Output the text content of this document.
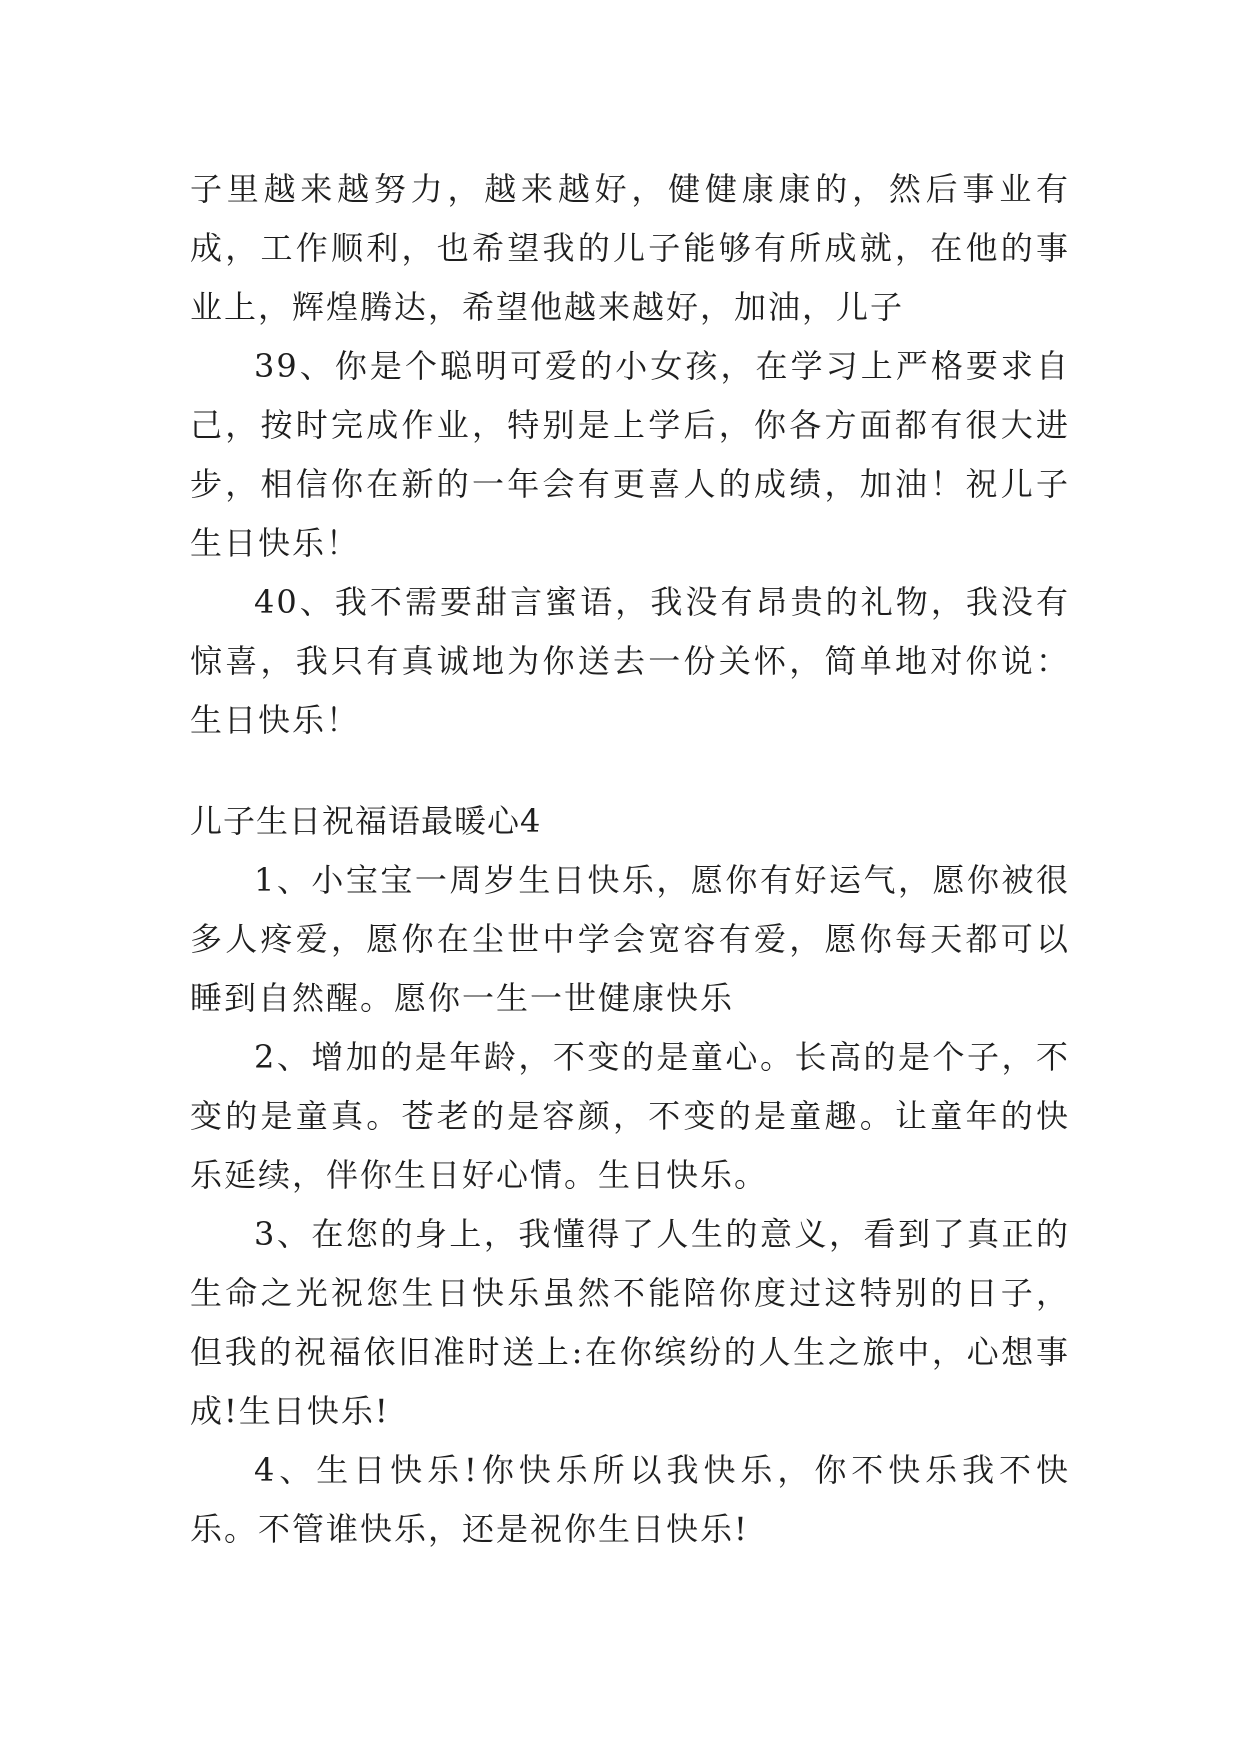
子里越来越努力，越来越好，健健康康的，然后事业有成，工作顺利，也希望我的儿子能够有所成就，在他的事业上，辉煌腾达，希望他越来越好，加油，儿子

39、你是个聪明可爱的小女孩，在学习上严格要求自己，按时完成作业，特别是上学后，你各方面都有很大进步，相信你在新的一年会有更喜人的成绩，加油！祝儿子生日快乐！

40、我不需要甜言蜜语，我没有昂贵的礼物，我没有惊喜，我只有真诚地为你送去一份关怀，简单地对你说：生日快乐！

儿子生日祝福语最暖心4

1、小宝宝一周岁生日快乐，愿你有好运气，愿你被很多人疼爱，愿你在尘世中学会宽容有爱，愿你每天都可以睡到自然醒。愿你一生一世健康快乐

2、增加的是年龄，不变的是童心。长高的是个子，不变的是童真。苍老的是容颜，不变的是童趣。让童年的快乐延续，伴你生日好心情。生日快乐。

3、在您的身上，我懂得了人生的意义，看到了真正的生命之光祝您生日快乐虽然不能陪你度过这特别的日子，但我的祝福依旧准时送上:在你缤纷的人生之旅中，心想事成!生日快乐!

4、生日快乐!你快乐所以我快乐，你不快乐我不快乐。不管谁快乐，还是祝你生日快乐!
